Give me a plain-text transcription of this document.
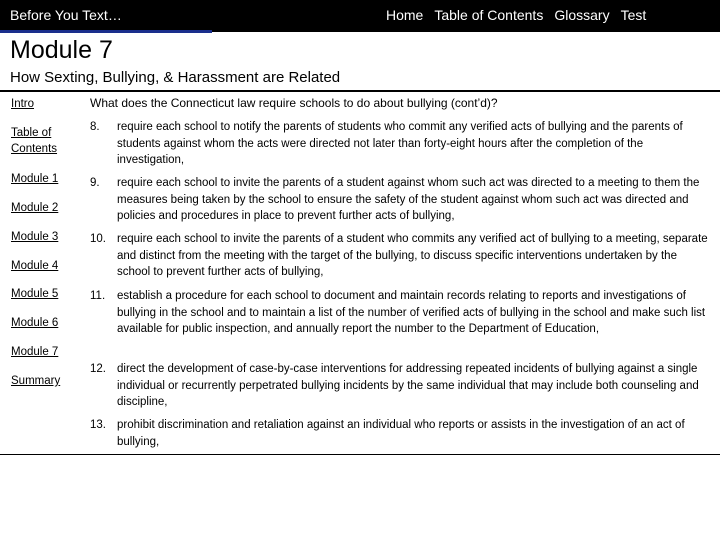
Before You Text…	Home Table of Contents Glossary Test
Module 7
How Sexting, Bullying, & Harassment are Related
Intro
Table of Contents
Module 1
Module 2
Module 3
Module 4
Module 5
Module 6
Module 7
Summary
What does the Connecticut law require schools to do about bullying (cont’d)?
8. require each school to notify the parents of students who commit any verified acts of bullying and the parents of students against whom the acts were directed not later than forty-eight hours after the completion of the investigation,
9. require each school to invite the parents of a student against whom such act was directed to a meeting to them the measures being taken by the school to ensure the safety of the student against whom such act was directed and policies and procedures in place to prevent further acts of bullying,
10. require each school to invite the parents of a student who commits any verified act of bullying to a meeting, separate and distinct from the meeting with the target of the bullying, to discuss specific interventions undertaken by the school to prevent further acts of bullying,
11. establish a procedure for each school to document and maintain records relating to reports and investigations of bullying in the school and to maintain a list of the number of verified acts of bullying in the school and make such list available for public inspection, and annually report the number to the Department of Education,
12. direct the development of case-by-case interventions for addressing repeated incidents of bullying against a single individual or recurrently perpetrated bullying incidents by the same individual that may include both counseling and discipline,
13. prohibit discrimination and retaliation against an individual who reports or assists in the investigation of an act of bullying,
